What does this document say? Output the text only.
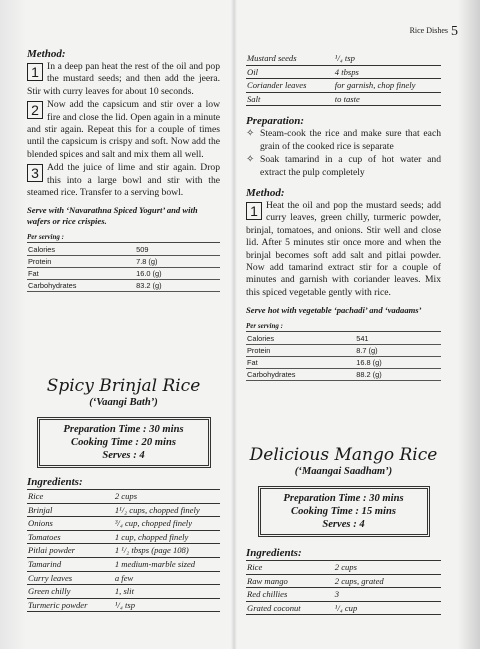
Rice Dishes 5

Method:

1 In a deep pan heat the rest of the oil and pop the mustard seeds; and then add the jeera. Stir with curry leaves for about 10 seconds.
2 Now add the capsicum and stir over a low fire and close the lid. Open again in a minute and stir again. Repeat this for a couple of times until the capsicum is crispy and soft. Now add the blended spices and salt and mix them all well.
3 Add the juice of lime and stir again. Drop this into a large bowl and stir with the steamed rice. Transfer to a serving bowl.
Serve with ‘Navarathna Spiced Yogurt’ and with wafers or rice crispies.
Per serving :
Calories	509
Protein	7.8 (g)
Fat	16.0 (g)
Carbohydrates	83.2 (g)
Spicy Brinjal Rice
(‘Vaangi Bath’)
Preparation Time : 30 mins
Cooking Time : 20 mins
Serves : 4

Ingredients:

Rice	2 cups
Brinjal	1¹/₂ cups, chopped finely
Onions	³/₄ cup, chopped finely
Tomatoes	1 cup, chopped finely
Pitlai powder	1 ¹/₂ tbsps (page 108)
Tamarind	1 medium-marble sized
Curry leaves	a few
Green chilly	1, slit
Turmeric powder	¹/₄ tsp
Mustard seeds	¹/₄ tsp
Oil	4 tbsps
Coriander leaves	for garnish, chop finely
Salt	to taste

Preparation:

✧ Steam-cook the rice and make sure that each grain of the cooked rice is separate
✧ Soak tamarind in a cup of hot water and extract the pulp completely

Method:

1 Heat the oil and pop the mustard seeds; add curry leaves, green chilly, turmeric powder, brinjal, tomatoes, and onions. Stir well and close lid. After 5 minutes stir once more and when the brinjal becomes soft add salt and pitlai powder. Now add tamarind extract stir for a couple of minutes and garnish with coriander leaves. Mix this spiced vegetable gently with rice.
Serve hot with vegetable ‘pachadi’ and ‘vadaams’
Per serving :
Calories	541
Protein	8.7 (g)
Fat	16.8 (g)
Carbohydrates	88.2 (g)
Delicious Mango Rice
(‘Maangai Saadham’)
Preparation Time : 30 mins
Cooking Time : 15 mins
Serves : 4

Ingredients:

Rice	2 cups
Raw mango	2 cups, grated
Red chillies	3
Grated coconut	¹/₄ cup
